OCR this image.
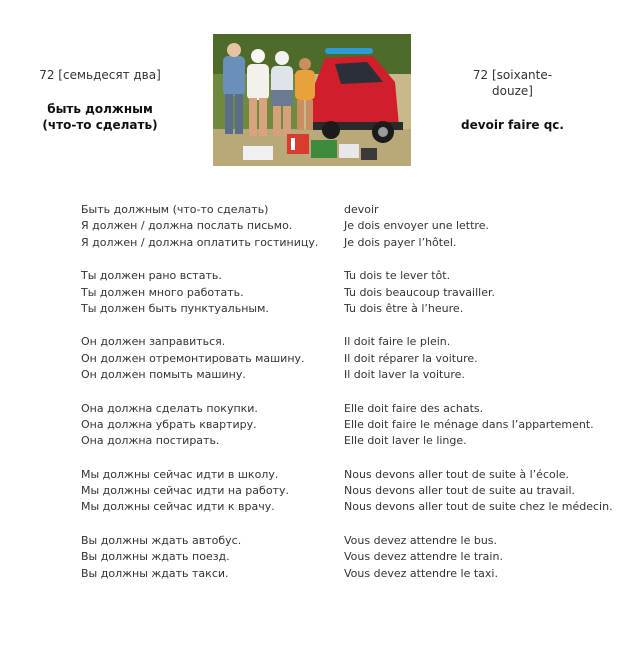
72 [семьдесят два]
быть должным
(что-то сделать)
72 [soixante-
douze]
devoir faire qc.
Быть должным (что-то сделать)	devoir
Я должен / должна послать письмо.	Je dois envoyer une lettre.
Я должен / должна оплатить гостиницу. Je dois payer l’hôtel.
Ты должен рано встать.	Tu dois te lever tôt.
Ты должен много работать.	Tu dois beaucoup travailler.
Ты должен быть пунктуальным.	Tu dois être à l’heure.
Он должен заправиться.	Il doit faire le plein.
Он должен отремонтировать машину.	Il doit réparer la voiture.
Он должен помыть машину.	Il doit laver la voiture.
Она должна сделать покупки.	Elle doit faire des achats.
Она должна убрать квартиру.	Elle doit faire le ménage dans l’appartement.
Она должна постирать.	Elle doit laver le linge.
Мы должны сейчас идти в школу.	Nous devons aller tout de suite à l’école.
Мы должны сейчас идти на работу.	Nous devons aller tout de suite au travail.
Мы должны сейчас идти к врачу.	Nous devons aller tout de suite chez le médecin.
Вы должны ждать автобус.	Vous devez attendre le bus.
Вы должны ждать поезд.	Vous devez attendre le train.
Вы должны ждать такси.	Vous devez attendre le taxi.
